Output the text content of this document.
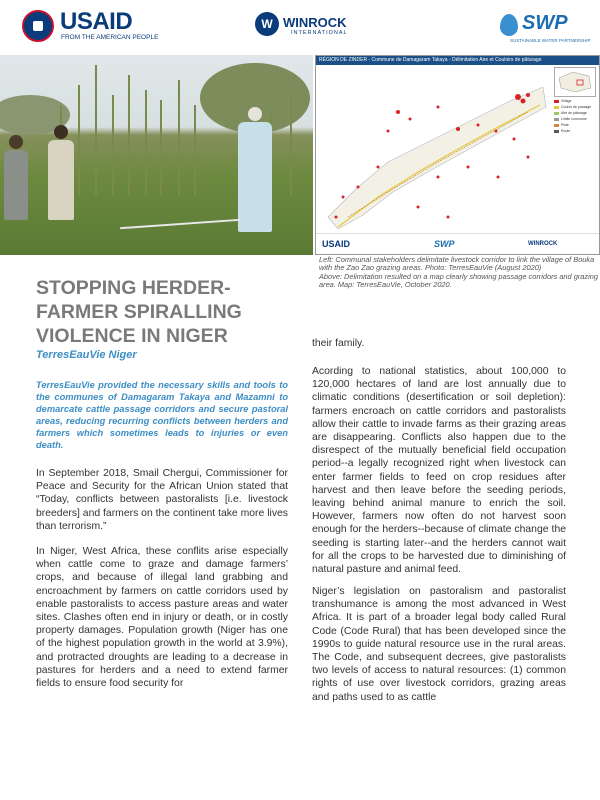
USAID
FROM THE AMERICAN PEOPLE
W WINROCK
INTERNATIONAL	SWP
SUSTAINABLE WATER PARTNERSHIP
RÉGION DE ZINDER - Commune de Damagaram Takaya - Délimitation Aire et Couloirs de pâturage
Village
Couloir de passage
Aire de pâturage
Limite commune
Piste
Route
USAID	SWP	WINROCK

Left: Communal stakeholders delimitate livestock corridor to link the village of Bouka with the Zao Zao grazing areas. Photo: TerresEauVie (August 2020)

Above: Delimitation resulted on a map clearly showing passage corridors and grazing area. Map: TerresEauVie, October 2020.

STOPPING HERDER-FARMER SPIRALLING VIOLENCE IN NIGER
TerresEauVie Niger

TerresEauVie provided the necessary skills and tools to the communes of Damagaram Takaya and Mazamni to demarcate cattle passage corridors and secure pastoral areas, reducing recurring conflicts between herders and farmers which sometimes leads to injuries or even death.

In September 2018, Smail Chergui, Commissioner for Peace and Security for the African Union stated that “Today, conflicts between pastoralists [i.e. livestock breeders] and farmers on the continent take more lives than terrorism.”

In Niger, West Africa, these conflits arise especially when cattle come to graze and damage farmers’ crops, and because of illegal land grabbing and encroachment by farmers on cattle corridors used by enable pastoralists to access pasture areas and water sites. Clashes often end in injury or death, or in costly property damages. Population growth (Niger has one of the highest population growth in the world at 3.9%), and protracted droughts are leading to a decrease in pastures for herders and a need to extend farmer fields to ensure food security for

their family.

Acording to national statistics, about 100,000 to 120,000 hectares of land are lost annually due to climatic conditions (desertification or soil depletion): farmers encroach on cattle corridors and pastoralists allow their cattle to invade farms as their grazing areas are disappearing. Conflicts also happen due to the disrespect of the mutually beneficial field occupation period--a legally recognized right when livestock can enter farmer fields to feed on crop residues after harvest and then leave before the seeding periods, leaving behind animal manure to enrich the soil. However, farmers now often do not harvest soon enough for the herders--because of climate change the seeding is starting later--and the herders cannot wait for all the crops to be harvested due to diminishing of natural pasture and animal feed.

Niger’s legislation on pastoralism and pastoralist transhumance is among the most advanced in West Africa. It is part of a broader legal body called Rural Code (Code Rural) that has been developed since the 1990s to guide natural resource use in the rural areas. The Code, and subsequent decrees, give pastoralists two levels of access to natural resources: (1) common rights of use over livestock corridors, grazing areas and paths used to as cattle
